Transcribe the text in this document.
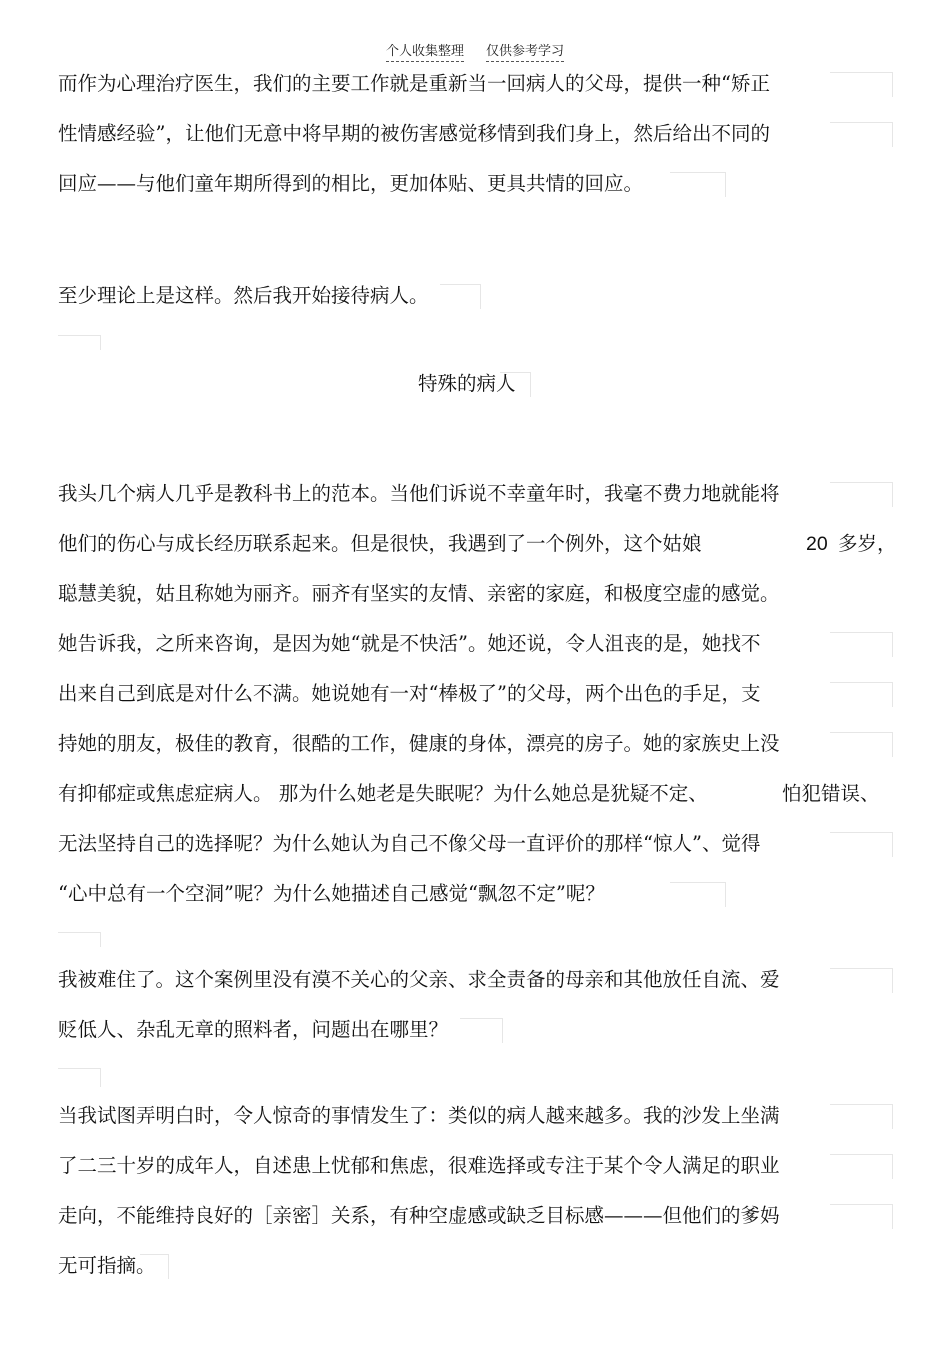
个人收集整理 仅供参考学习
而作为心理治疗医生，我们的主要工作就是重新当一回病人的父母，提供一种“矫正
性情感经验”，让他们无意中将早期的被伤害感觉移情到我们身上，然后给出不同的
回应——与他们童年期所得到的相比，更加体贴、更具共情的回应。
至少理论上是这样。然后我开始接待病人。
特殊的病人
我头几个病人几乎是教科书上的范本。当他们诉说不幸童年时，我毫不费力地就能将
他们的伤心与成长经历联系起来。但是很快，我遇到了一个例外，这个姑娘	20 多岁，
聪慧美貌，姑且称她为丽齐。丽齐有坚实的友情、亲密的家庭，和极度空虚的感觉。
她告诉我，之所来咨询，是因为她“就是不快活”。她还说，令人沮丧的是，她找不
出来自己到底是对什么不满。她说她有一对“棒极了”的父母，两个出色的手足，支
持她的朋友，极佳的教育，很酷的工作，健康的身体，漂亮的房子。她的家族史上没
有抑郁症或焦虑症病人。 那为什么她老是失眠呢？为什么她总是犹疑不定、	怕犯错误、
无法坚持自己的选择呢？为什么她认为自己不像父母一直评价的那样“惊人”、觉得
“心中总有一个空洞”呢？为什么她描述自己感觉“飘忽不定”呢？
我被难住了。这个案例里没有漠不关心的父亲、求全责备的母亲和其他放任自流、爱
贬低人、杂乱无章的照料者，问题出在哪里？
当我试图弄明白时，令人惊奇的事情发生了：类似的病人越来越多。我的沙发上坐满
了二三十岁的成年人，自述患上忧郁和焦虑，很难选择或专注于某个令人满足的职业
走向，不能维持良好的［亲密］关系，有种空虚感或缺乏目标感———但他们的爹妈
无可指摘。
